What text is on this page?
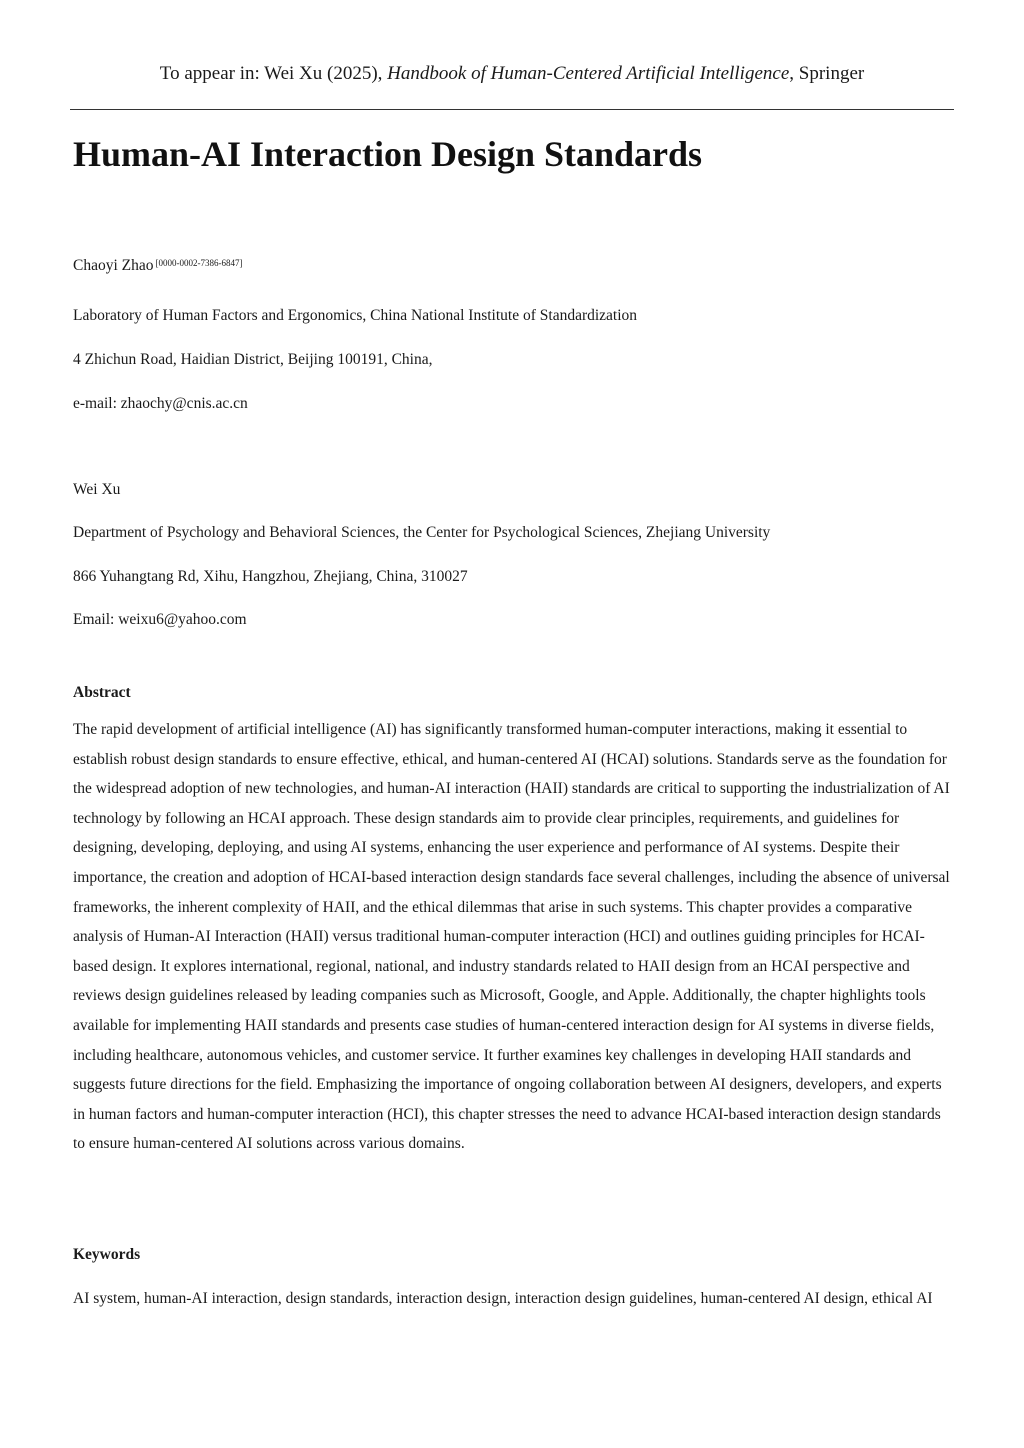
To appear in: Wei Xu (2025), Handbook of Human-Centered Artificial Intelligence, Springer
Human-AI Interaction Design Standards
Chaoyi Zhao [0000-0002-7386-6847]
Laboratory of Human Factors and Ergonomics, China National Institute of Standardization
4 Zhichun Road, Haidian District, Beijing 100191, China,
e-mail: zhaochy@cnis.ac.cn
Wei Xu
Department of Psychology and Behavioral Sciences, the Center for Psychological Sciences, Zhejiang University
866 Yuhangtang Rd, Xihu, Hangzhou, Zhejiang, China, 310027
Email: weixu6@yahoo.com
Abstract

The rapid development of artificial intelligence (AI) has significantly transformed human-computer interactions, making it essential to establish robust design standards to ensure effective, ethical, and human-centered AI (HCAI) solutions. Standards serve as the foundation for the widespread adoption of new technologies, and human-AI interaction (HAII) standards are critical to supporting the industrialization of AI technology by following an HCAI approach. These design standards aim to provide clear principles, requirements, and guidelines for designing, developing, deploying, and using AI systems, enhancing the user experience and performance of AI systems. Despite their importance, the creation and adoption of HCAI-based interaction design standards face several challenges, including the absence of universal frameworks, the inherent complexity of HAII, and the ethical dilemmas that arise in such systems. This chapter provides a comparative analysis of Human-AI Interaction (HAII) versus traditional human-computer interaction (HCI) and outlines guiding principles for HCAI-based design. It explores international, regional, national, and industry standards related to HAII design from an HCAI perspective and reviews design guidelines released by leading companies such as Microsoft, Google, and Apple. Additionally, the chapter highlights tools available for implementing HAII standards and presents case studies of human-centered interaction design for AI systems in diverse fields, including healthcare, autonomous vehicles, and customer service. It further examines key challenges in developing HAII standards and suggests future directions for the field. Emphasizing the importance of ongoing collaboration between AI designers, developers, and experts in human factors and human-computer interaction (HCI), this chapter stresses the need to advance HCAI-based interaction design standards to ensure human-centered AI solutions across various domains.

Keywords

AI system, human-AI interaction, design standards, interaction design, interaction design guidelines, human-centered AI design, ethical AI
